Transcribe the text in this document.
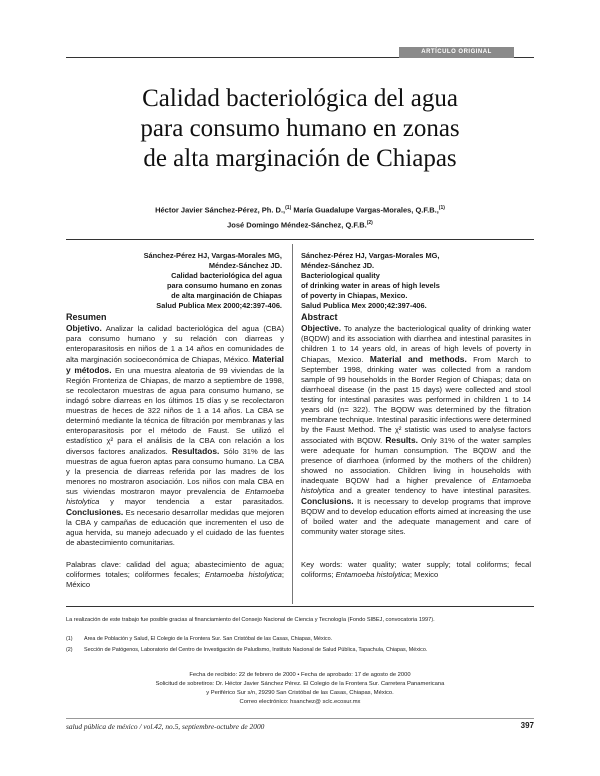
ARTÍCULO ORIGINAL
Calidad bacteriológica del agua
para consumo humano en zonas
de alta marginación de Chiapas
Héctor Javier Sánchez-Pérez, Ph. D.,$^{(1)}$ María Guadalupe Vargas-Morales, Q.F.B.,$^{(1)}$
José Domingo Méndez-Sánchez, Q.F.B.$^{(2)}$
Sánchez-Pérez HJ, Vargas-Morales MG,
Méndez-Sánchez JD.
Calidad bacteriológica del agua
para consumo humano en zonas
de alta marginación de Chiapas
Salud Publica Mex 2000;42:397-406.
Sánchez-Pérez HJ, Vargas-Morales MG,
Méndez-Sánchez JD.
Bacteriological quality
of drinking water in areas of high levels
of poverty in Chiapas, Mexico.
Salud Publica Mex 2000;42:397-406.
Resumen
Objetivo. Analizar la calidad bacteriológica del agua (CBA) para consumo humano y su relación con diarreas y enteroparasitosis en niños de 1 a 14 años en comunidades de alta marginación socioeconómica de Chiapas, México. Material y métodos. En una muestra aleatoria de 99 viviendas de la Región Fronteriza de Chiapas, de marzo a septiembre de 1998, se recolectaron muestras de agua para consumo humano, se indagó sobre diarreas en los últimos 15 días y se recolectaron muestras de heces de 322 niños de 1 a 14 años. La CBA se determinó mediante la técnica de filtración por membranas y las enteroparasitosis por el método de Faust. Se utilizó el estadístico χ² para el análisis de la CBA con relación a los diversos factores analizados. Resultados. Sólo 31% de las muestras de agua fueron aptas para consumo humano. La CBA y la presencia de diarreas referida por las madres de los menores no mostraron asociación. Los niños con mala CBA en sus viviendas mostraron mayor prevalencia de Entamoeba histolytica y mayor tendencia a estar parasitados. Conclusiones. Es necesario desarrollar medidas que mejoren la CBA y campañas de educación que incrementen el uso de agua hervida, su manejo adecuado y el cuidado de las fuentes de abastecimiento comunitarias.
Abstract
Objective. To analyze the bacteriological quality of drinking water (BQDW) and its association with diarrhea and intestinal parasites in children 1 to 14 years old, in areas of high levels of poverty in Chiapas, Mexico. Material and methods. From March to September 1998, drinking water was collected from a random sample of 99 households in the Border Region of Chiapas; data on diarrhoeal disease (in the past 15 days) were collected and stool testing for intestinal parasites was performed in children 1 to 14 years old (n= 322). The BQDW was determined by the filtration membrane technique. Intestinal parasitic infections were determined by the Faust Method. The χ² statistic was used to analyse factors associated with BQDW. Results. Only 31% of the water samples were adequate for human consumption. The BQDW and the presence of diarrhoea (informed by the mothers of the children) showed no association. Children living in households with inadequate BQDW had a higher prevalence of Entamoeba histolytica and a greater tendency to have intestinal parasites. Conclusions. It is necessary to develop programs that improve BQDW and to develop education efforts aimed at increasing the use of boiled water and the adequate management and care of community water storage sites.
Palabras clave: calidad del agua; abastecimiento de agua; coliformes totales; coliformes fecales; Entamoeba histolytica; México
Key words: water quality; water supply; total coliforms; fecal coliforms; Entamoeba histolytica; Mexico
La realización de este trabajo fue posible gracias al financiamiento del Consejo Nacional de Ciencia y Tecnología (Fondo SIBEJ, convocatoria 1997).
(1)	Area de Población y Salud, El Colegio de la Frontera Sur. San Cristóbal de las Casas, Chiapas, México.
(2)	Sección de Patógenos, Laboratorio del Centro de Investigación de Paludismo, Instituto Nacional de Salud Pública, Tapachula, Chiapas, México.
Fecha de recibido: 22 de febrero de 2000 • Fecha de aprobado: 17 de agosto de 2000
Solicitud de sobretiros: Dr. Héctor Javier Sánchez Pérez. El Colegio de la Frontera Sur. Carretera Panamericana
y Periférico Sur s/n, 29290 San Cristóbal de las Casas, Chiapas, México.
Correo electrónico: hsanchez@ sclc.ecosur.mx
salud pública de méxico / vol.42, no.5, septiembre-octubre de 2000	397
